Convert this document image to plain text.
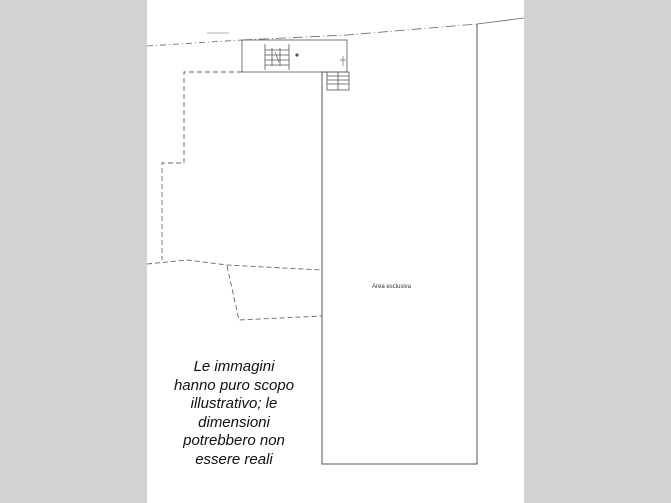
Area esclusiva
Le immagini
hanno puro scopo
illustrativo; le
dimensioni
potrebbero non
essere reali
